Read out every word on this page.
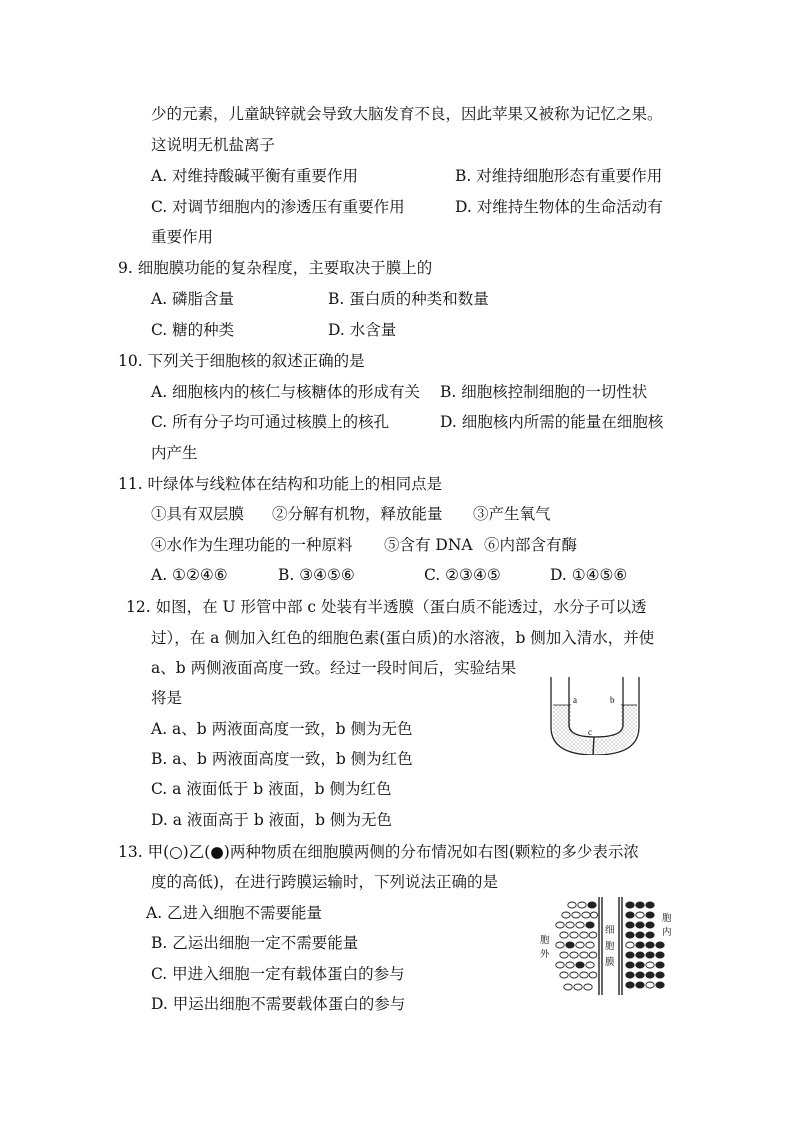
少的元素，儿童缺锌就会导致大脑发育不良，因此苹果又被称为记忆之果。
这说明无机盐离子
A. 对维持酸碱平衡有重要作用	B. 对维持细胞形态有重要作用
C. 对调节细胞内的渗透压有重要作用	D. 对维持生物体的生命活动有
重要作用
9. 细胞膜功能的复杂程度，主要取决于膜上的
A. 磷脂含量	B. 蛋白质的种类和数量
C. 糖的种类	D. 水含量
10. 下列关于细胞核的叙述正确的是
A. 细胞核内的核仁与核糖体的形成有关 B. 细胞核控制细胞的一切性状
C. 所有分子均可通过核膜上的核孔	D. 细胞核内所需的能量在细胞核
内产生
11. 叶绿体与线粒体在结构和功能上的相同点是
①具有双层膜 ②分解有机物，释放能量 ③产生氧气
④水作为生理功能的一种原料 ⑤含有 DNA ⑥内部含有酶
A. ①②④⑥	B. ③④⑤⑥	C. ②③④⑤	D. ①④⑤⑥
12. 如图，在 U 形管中部 c 处装有半透膜（蛋白质不能透过，水分子可以透
过），在 a 侧加入红色的细胞色素(蛋白质)的水溶液，b 侧加入清水，并使
a、b 两侧液面高度一致。经过一段时间后，实验结果
将是
A. a、b 两液面高度一致，b 侧为无色
B. a、b 两液面高度一致，b 侧为红色
C. a 液面低于 b 液面，b 侧为红色
D. a 液面高于 b 液面，b 侧为无色
a	b
c
13. 甲(○)乙(●)两种物质在细胞膜两侧的分布情况如右图(颗粒的多少表示浓
度的高低)，在进行跨膜运输时，下列说法正确的是
A. 乙进入细胞不需要能量
B. 乙运出细胞一定不需要能量
C. 甲进入细胞一定有载体蛋白的参与
D. 甲运出细胞不需要载体蛋白的参与
胞
外
细
胞
膜
胞
内
